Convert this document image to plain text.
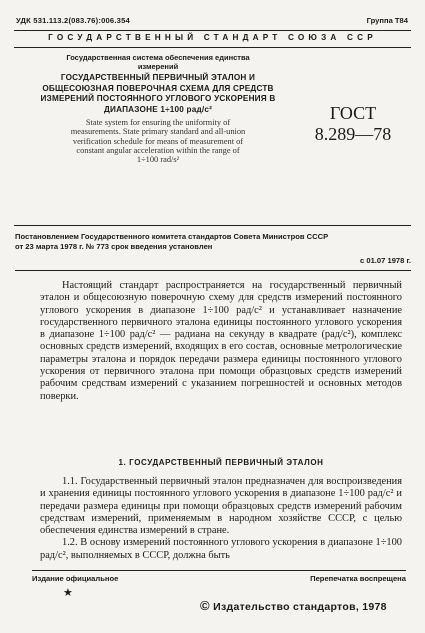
УДК 531.113.2(083.76):006.354	Группа Т84
ГОСУДАРСТВЕННЫЙ СТАНДАРТ СОЮЗА ССР
Государственная система обеспечения единства
измерений
ГОСУДАРСТВЕННЫЙ ПЕРВИЧНЫЙ ЭТАЛОН И
ОБЩЕСОЮЗНАЯ ПОВЕРОЧНАЯ СХЕМА ДЛЯ СРЕДСТВ
ИЗМЕРЕНИЙ ПОСТОЯННОГО УГЛОВОГО УСКОРЕНИЯ В
ДИАПАЗОНЕ 1÷100 рад/с²
State system for ensuring the uniformity of
measurements. State primary standard and all-union
verification schedule for means of measurement of
constant angular acceleration within the range of
1÷100 rad/s²
ГОСТ
8.289—78
Постановлением Государственного комитета стандартов Совета Министров СССР
от 23 марта 1978 г. № 773 срок введения установлен
с 01.07 1978 г.

Настоящий стандарт распространяется на государственный первичный эталон и общесоюзную поверочную схему для средств измерений постоянного углового ускорения в диапазоне 1÷100 рад/с² и устанавливает назначение государственного первичного эталона единицы постоянного углового ускорения в диапазоне 1÷100 рад/с² — радиана на секунду в квадрате (рад/с²), комплекс основных средств измерений, входящих в его состав, основные метрологические параметры эталона и порядок передачи размера единицы постоянного углового ускорения от первичного эталона при помощи образцовых средств измерений рабочим средствам измерений с указанием погрешностей и основных методов поверки.

1. ГОСУДАРСТВЕННЫЙ ПЕРВИЧНЫЙ ЭТАЛОН

1.1. Государственный первичный эталон предназначен для воспроизведения и хранения единицы постоянного углового ускорения в диапазоне 1÷100 рад/с² и передачи размера единицы при помощи образцовых средств измерений рабочим средствам измерений, применяемым в народном хозяйстве СССР, с целью обеспечения единства измерений в стране.

1.2. В основу измерений постоянного углового ускорения в диапазоне 1÷100 рад/с², выполняемых в СССР, должна быть

Издание официальное	Перепечатка воспрещена
★
© Издательство стандартов, 1978
